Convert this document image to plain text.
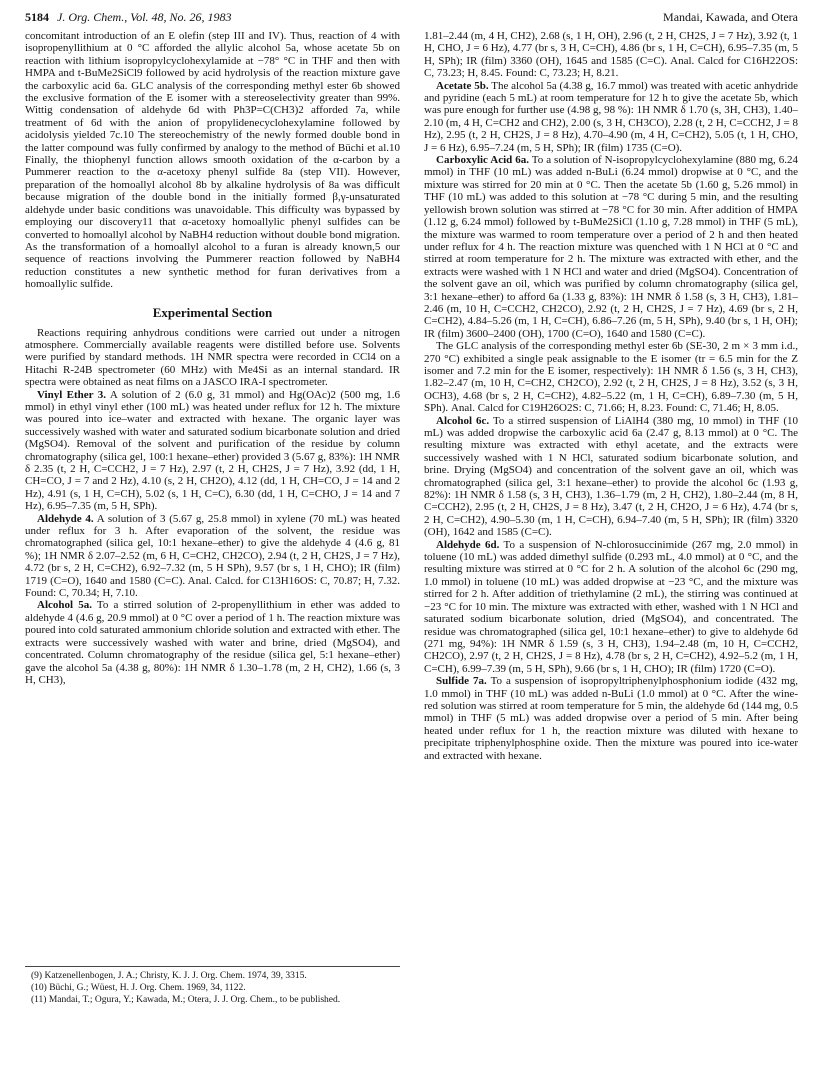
5184 J. Org. Chem., Vol. 48, No. 26, 1983	Mandai, Kawada, and Otera

concomitant introduction of an E olefin (step III and IV). Thus, reaction of 4 with isopropenyllithium at 0 °C afforded the allylic alcohol 5a, whose acetate 5b on reaction with lithium isopropylcyclohexylamide at −78° °C in THF and then with HMPA and t-BuMe2SiCl9 followed by acid hydrolysis of the reaction mixture gave the carboxylic acid 6a. GLC analysis of the corresponding methyl ester 6b showed the exclusive formation of the E isomer with a stereoselectivity greater than 99%. Wittig condensation of aldehyde 6d with Ph3P=C(CH3)2 afforded 7a, while treatment of 6d with the anion of propylidenecyclohexylamine followed by acidolysis yielded 7c.10 The stereochemistry of the newly formed double bond in the latter compound was fully confirmed by analogy to the method of Büchi et al.10 Finally, the thiophenyl function allows smooth oxidation of the α-carbon by a Pummerer reaction to the α-acetoxy phenyl sulfide 8a (step VII). However, preparation of the homoallyl alcohol 8b by alkaline hydrolysis of 8a was difficult because migration of the double bond in the initially formed β,γ-unsaturated aldehyde under basic conditions was unavoidable. This difficulty was bypassed by employing our discovery11 that α-acetoxy homoallylic phenyl sulfides can be converted to homoallyl alcohol by NaBH4 reduction without double bond migration. As the transformation of a homoallyl alcohol to a furan is already known,5 our sequence of reactions involving the Pummerer reaction followed by NaBH4 reduction constitutes a new synthetic method for furan derivatives from a homoallylic sulfide.

Experimental Section

Reactions requiring anhydrous conditions were carried out under a nitrogen atmosphere. Commercially available reagents were distilled before use. Solvents were purified by standard methods. 1H NMR spectra were recorded in CCl4 on a Hitachi R-24B spectrometer (60 MHz) with Me4Si as an internal standard. IR spectra were obtained as neat films on a JASCO IRA-I spectrometer.

Vinyl Ether 3. A solution of 2 (6.0 g, 31 mmol) and Hg(OAc)2 (500 mg, 1.6 mmol) in ethyl vinyl ether (100 mL) was heated under reflux for 12 h. The mixture was poured into ice–water and extracted with hexane. The organic layer was successively washed with water and saturated sodium bicarbonate solution and dried (MgSO4). Removal of the solvent and purification of the residue by column chromatography (silica gel, 100:1 hexane–ether) provided 3 (5.67 g, 83%): 1H NMR δ 2.35 (t, 2 H, C=CCH2, J = 7 Hz), 2.97 (t, 2 H, CH2S, J = 7 Hz), 3.92 (dd, 1 H, CH=CO, J = 7 and 2 Hz), 4.10 (s, 2 H, CH2O), 4.12 (dd, 1 H, CH=CO, J = 14 and 2 Hz), 4.91 (s, 1 H, C=CH), 5.02 (s, 1 H, C=C), 6.30 (dd, 1 H, C=CHO, J = 14 and 7 Hz), 6.95–7.35 (m, 5 H, SPh).

Aldehyde 4. A solution of 3 (5.67 g, 25.8 mmol) in xylene (70 mL) was heated under reflux for 3 h. After evaporation of the solvent, the residue was chromatographed (silica gel, 10:1 hexane–ether) to give the aldehyde 4 (4.6 g, 81 %); 1H NMR δ 2.07–2.52 (m, 6 H, C=CH2, CH2CO), 2.94 (t, 2 H, CH2S, J = 7 Hz), 4.72 (br s, 2 H, C=CH2), 6.92–7.32 (m, 5 H SPh), 9.57 (br s, 1 H, CHO); IR (film) 1719 (C=O), 1640 and 1580 (C=C). Anal. Calcd. for C13H16OS: C, 70.87; H, 7.32. Found: C, 70.34; H, 7.10.

Alcohol 5a. To a stirred solution of 2-propenyllithium in ether was added to aldehyde 4 (4.6 g, 20.9 mmol) at 0 °C over a period of 1 h. The reaction mixture was poured into cold saturated ammonium chloride solution and extracted with ether. The extracts were successively washed with water and brine, dried (MgSO4), and concentrated. Column chromatography of the residue (silica gel, 5:1 hexane–ether) gave the alcohol 5a (4.38 g, 80%): 1H NMR δ 1.30–1.78 (m, 2 H, CH2), 1.66 (s, 3 H, CH3),

(9) Katzenellenbogen, J. A.; Christy, K. J. J. Org. Chem. 1974, 39, 3315.
(10) Büchi, G.; Wüest, H. J. Org. Chem. 1969, 34, 1122.
(11) Mandai, T.; Ogura, Y.; Kawada, M.; Otera, J. J. Org. Chem., to be published.

1.81–2.44 (m, 4 H, CH2), 2.68 (s, 1 H, OH), 2.96 (t, 2 H, CH2S, J = 7 Hz), 3.92 (t, 1 H, CHO, J = 6 Hz), 4.77 (br s, 3 H, C=CH), 4.86 (br s, 1 H, C=CH), 6.95–7.35 (m, 5 H, SPh); IR (film) 3360 (OH), 1645 and 1585 (C=C). Anal. Calcd for C16H22OS: C, 73.23; H, 8.45. Found: C, 73.23; H, 8.21.

Acetate 5b. The alcohol 5a (4.38 g, 16.7 mmol) was treated with acetic anhydride and pyridine (each 5 mL) at room temperature for 12 h to give the acetate 5b, which was pure enough for further use (4.98 g, 98 %): 1H NMR δ 1.70 (s, 3H, CH3), 1.40–2.10 (m, 4 H, C=CH2 and CH2), 2.00 (s, 3 H, CH3CO), 2.28 (t, 2 H, C=CCH2, J = 8 Hz), 2.95 (t, 2 H, CH2S, J = 8 Hz), 4.70–4.90 (m, 4 H, C=CH2), 5.05 (t, 1 H, CHO, J = 6 Hz), 6.95–7.24 (m, 5 H, SPh); IR (film) 1735 (C=O).

Carboxylic Acid 6a. To a solution of N-isopropylcyclohexylamine (880 mg, 6.24 mmol) in THF (10 mL) was added n-BuLi (6.24 mmol) dropwise at 0 °C, and the mixture was stirred for 20 min at 0 °C. Then the acetate 5b (1.60 g, 5.26 mmol) in THF (10 mL) was added to this solution at −78 °C during 5 min, and the resulting yellowish brown solution was stirred at −78 °C for 30 min. After addition of HMPA (1.12 g, 6.24 mmol) followed by t-BuMe2SiCl (1.10 g, 7.28 mmol) in THF (5 mL), the mixture was warmed to room temperature over a period of 2 h and then heated under reflux for 4 h. The reaction mixture was quenched with 1 N HCl at 0 °C and stirred at room temperature for 2 h. The mixture was extracted with ether, and the extracts were washed with 1 N HCl and water and dried (MgSO4). Concentration of the solvent gave an oil, which was purified by column chromatography (silica gel, 3:1 hexane–ether) to afford 6a (1.33 g, 83%): 1H NMR δ 1.58 (s, 3 H, CH3), 1.81–2.46 (m, 10 H, C=CCH2, CH2CO), 2.92 (t, 2 H, CH2S, J = 7 Hz), 4.69 (br s, 2 H, C=CH2), 4.84–5.26 (m, 1 H, C=CH), 6.86–7.26 (m, 5 H, SPh), 9.40 (br s, 1 H, OH); IR (film) 3600–2400 (OH), 1700 (C=O), 1640 and 1580 (C=C).

The GLC analysis of the corresponding methyl ester 6b (SE-30, 2 m × 3 mm i.d., 270 °C) exhibited a single peak assignable to the E isomer (tr = 6.5 min for the Z isomer and 7.2 min for the E isomer, respectively): 1H NMR δ 1.56 (s, 3 H, CH3), 1.82–2.47 (m, 10 H, C=CH2, CH2CO), 2.92 (t, 2 H, CH2S, J = 8 Hz), 3.52 (s, 3 H, OCH3), 4.68 (br s, 2 H, C=CH2), 4.82–5.22 (m, 1 H, C=CH), 6.89–7.30 (m, 5 H, SPh). Anal. Calcd for C19H26O2S: C, 71.66; H, 8.23. Found: C, 71.46; H, 8.05.

Alcohol 6c. To a stirred suspension of LiAlH4 (380 mg, 10 mmol) in THF (10 mL) was added dropwise the carboxylic acid 6a (2.47 g, 8.13 mmol) at 0 °C. The resulting mixture was extracted with ethyl acetate, and the extracts were successively washed with 1 N HCl, saturated sodium bicarbonate solution, and brine. Drying (MgSO4) and concentration of the solvent gave an oil, which was chromatographed (silica gel, 3:1 hexane–ether) to provide the alcohol 6c (1.93 g, 82%): 1H NMR δ 1.58 (s, 3 H, CH3), 1.36–1.79 (m, 2 H, CH2), 1.80–2.44 (m, 8 H, C=CCH2), 2.95 (t, 2 H, CH2S, J = 8 Hz), 3.47 (t, 2 H, CH2O, J = 6 Hz), 4.74 (br s, 2 H, C=CH2), 4.90–5.30 (m, 1 H, C=CH), 6.94–7.40 (m, 5 H, SPh); IR (film) 3320 (OH), 1642 and 1585 (C=C).

Aldehyde 6d. To a suspension of N-chlorosuccinimide (267 mg, 2.0 mmol) in toluene (10 mL) was added dimethyl sulfide (0.293 mL, 4.0 mmol) at 0 °C, and the resulting mixture was stirred at 0 °C for 2 h. A solution of the alcohol 6c (290 mg, 1.0 mmol) in toluene (10 mL) was added dropwise at −23 °C, and the mixture was stirred for 2 h. After addition of triethylamine (2 mL), the stirring was continued at −23 °C for 10 min. The mixture was extracted with ether, washed with 1 N HCl and saturated sodium bicarbonate solution, dried (MgSO4), and concentrated. The residue was chromatographed (silica gel, 10:1 hexane–ether) to give to aldehyde 6d (271 mg, 94%): 1H NMR δ 1.59 (s, 3 H, CH3), 1.94–2.48 (m, 10 H, C=CCH2, CH2CO), 2.97 (t, 2 H, CH2S, J = 8 Hz), 4.78 (br s, 2 H, C=CH2), 4.92–5.2 (m, 1 H, C=CH), 6.99–7.39 (m, 5 H, SPh), 9.66 (br s, 1 H, CHO); IR (film) 1720 (C=O).

Sulfide 7a. To a suspension of isopropyltriphenylphosphonium iodide (432 mg, 1.0 mmol) in THF (10 mL) was added n-BuLi (1.0 mmol) at 0 °C. After the wine-red solution was stirred at room temperature for 5 min, the aldehyde 6d (144 mg, 0.5 mmol) in THF (5 mL) was added dropwise over a period of 5 min. After being heated under reflux for 1 h, the reaction mixture was diluted with hexane to precipitate triphenylphosphine oxide. Then the mixture was poured into ice-water and extracted with hexane.
